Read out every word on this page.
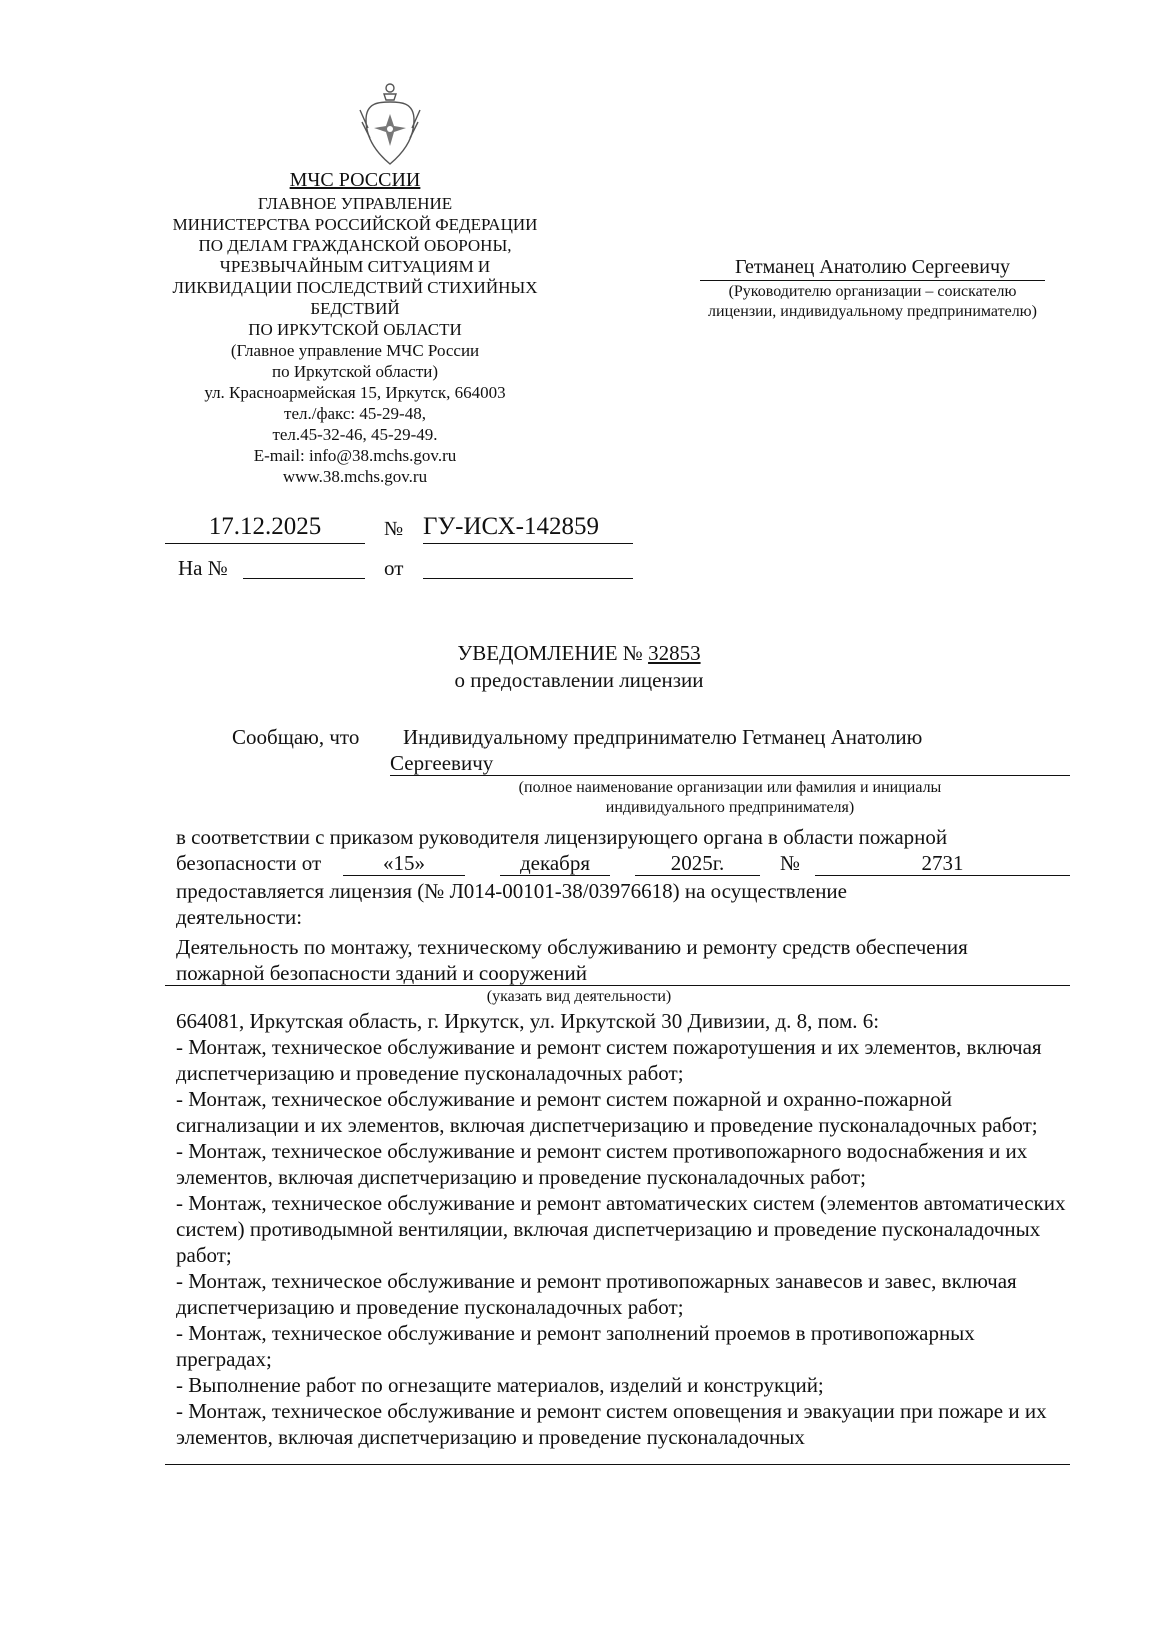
МЧС РОССИИ
ГЛАВНОЕ УПРАВЛЕНИЕ
МИНИСТЕРСТВА РОССИЙСКОЙ ФЕДЕРАЦИИ
ПО ДЕЛАМ ГРАЖДАНСКОЙ ОБОРОНЫ,
ЧРЕЗВЫЧАЙНЫМ СИТУАЦИЯМ И
ЛИКВИДАЦИИ ПОСЛЕДСТВИЙ СТИХИЙНЫХ
БЕДСТВИЙ
ПО ИРКУТСКОЙ ОБЛАСТИ
(Главное управление МЧС России
по Иркутской области)
ул. Красноармейская 15, Иркутск, 664003
тел./факс: 45-29-48,
тел.45-32-46, 45-29-49.
E-mail: info@38.mchs.gov.ru
www.38.mchs.gov.ru
Гетманец Анатолию Сергеевичу
(Руководителю организации – соискателю лицензии, индивидуальному предпринимателю)
17.12.2025	№ ГУ-ИСХ-142859
На №	от
УВЕДОМЛЕНИЕ № 32853
о предоставлении лицензии
Сообщаю, что	Индивидуальному предпринимателю Гетманец Анатолию Сергеевичу
(полное наименование организации или фамилия и инициалы индивидуального предпринимателя)
в соответствии с приказом руководителя лицензирующего органа в области пожарной
безопасности от	«15»	декабря	2025г.	№	2731
предоставляется лицензия (№ Л014-00101-38/03976618) на осуществление
деятельности:
Деятельность по монтажу, техническому обслуживанию и ремонту средств обеспечения пожарной безопасности зданий и сооружений
(указать вид деятельности)
664081, Иркутская область, г. Иркутск, ул. Иркутской 30 Дивизии, д. 8, пом. 6:
- Монтаж, техническое обслуживание и ремонт систем пожаротушения и их элементов, включая диспетчеризацию и проведение пусконаладочных работ;
- Монтаж, техническое обслуживание и ремонт систем пожарной и охранно-пожарной сигнализации и их элементов, включая диспетчеризацию и проведение пусконаладочных работ;
- Монтаж, техническое обслуживание и ремонт систем противопожарного водоснабжения и их элементов, включая диспетчеризацию и проведение пусконаладочных работ;
- Монтаж, техническое обслуживание и ремонт автоматических систем (элементов автоматических систем) противодымной вентиляции, включая диспетчеризацию и проведение пусконаладочных работ;
- Монтаж, техническое обслуживание и ремонт противопожарных занавесов и завес, включая диспетчеризацию и проведение пусконаладочных работ;
- Монтаж, техническое обслуживание и ремонт заполнений проемов в противопожарных преградах;
- Выполнение работ по огнезащите материалов, изделий и конструкций;
- Монтаж, техническое обслуживание и ремонт систем оповещения и эвакуации при пожаре и их элементов, включая диспетчеризацию и проведение пусконаладочных
